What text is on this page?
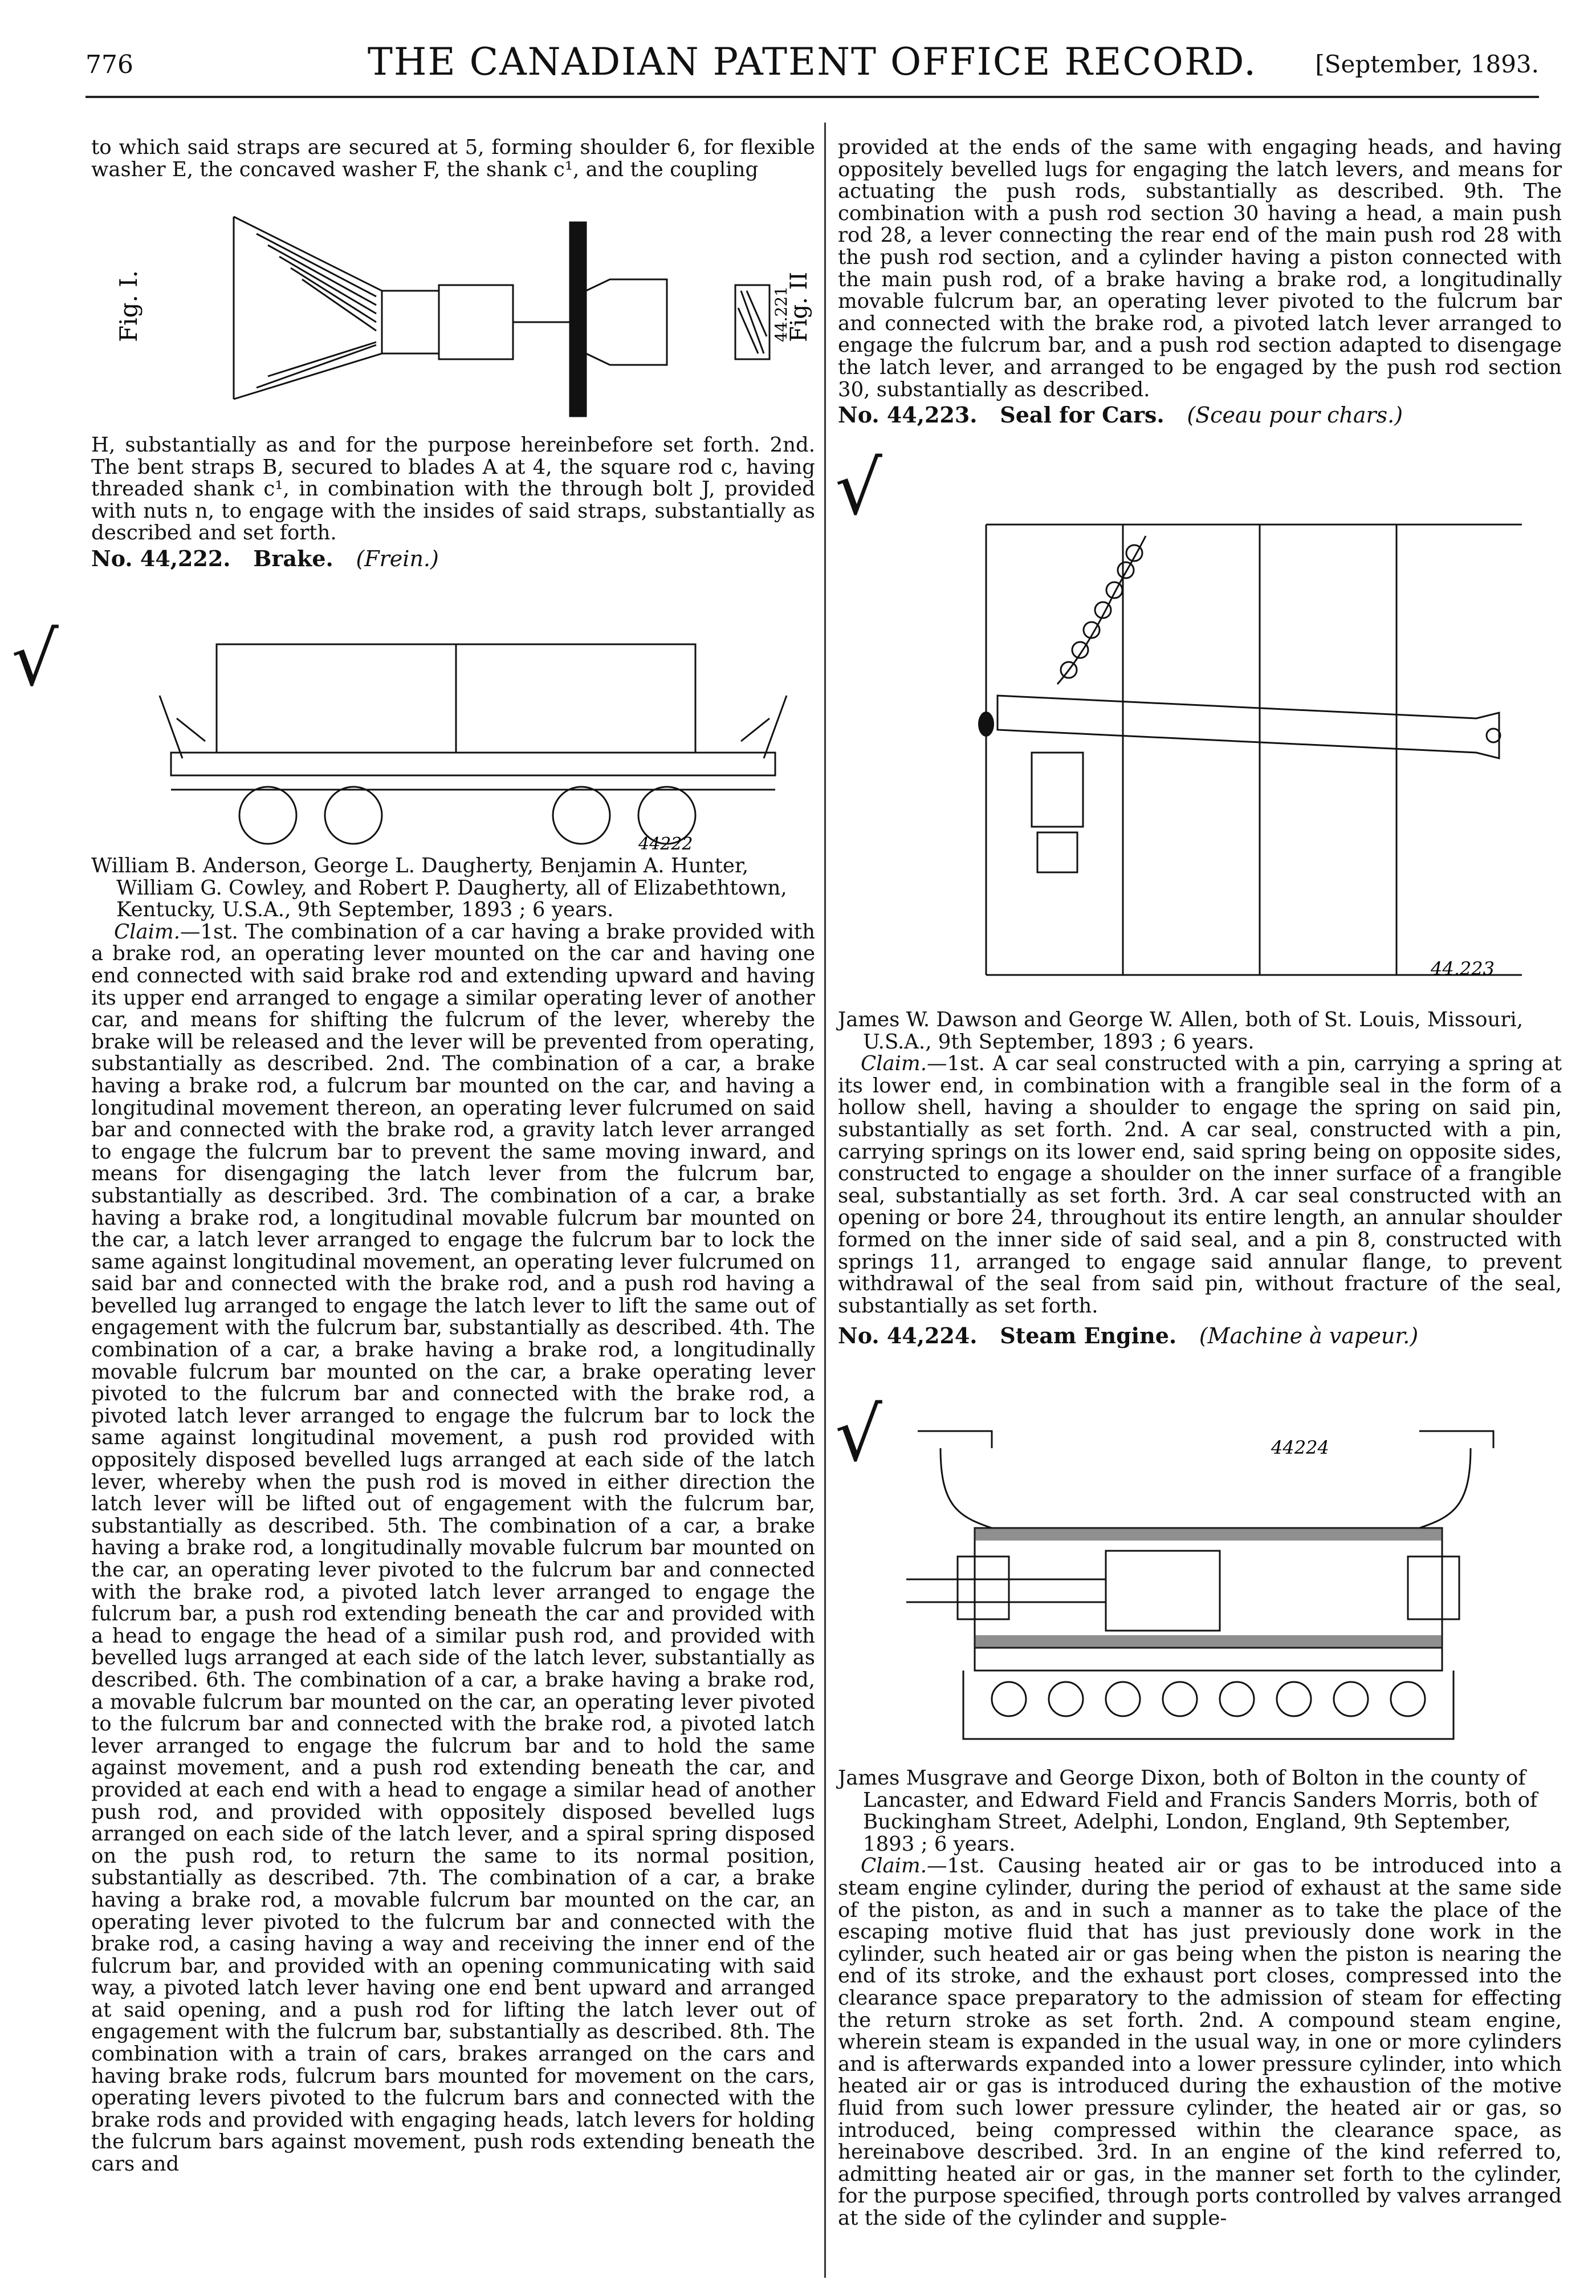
776	THE CANADIAN PATENT OFFICE RECORD.	[September, 1893.

to which said straps are secured at 5, forming shoulder 6, for flexible washer E, the concaved washer F, the shank c¹, and the coupling

Fig. I.	Fig. II
44.221

H, substantially as and for the purpose hereinbefore set forth. 2nd. The bent straps B, secured to blades A at 4, the square rod c, having threaded shank c¹, in combination with the through bolt J, provided with nuts n, to engage with the insides of said straps, substantially as described and set forth.

No. 44,222. Brake. (Frein.)

44222
√

William B. Anderson, George L. Daugherty, Benjamin A. Hunter, William G. Cowley, and Robert P. Daugherty, all of Elizabethtown, Kentucky, U.S.A., 9th September, 1893 ; 6 years.

Claim.—1st. The combination of a car having a brake provided with a brake rod, an operating lever mounted on the car and having one end connected with said brake rod and extending upward and having its upper end arranged to engage a similar operating lever of another car, and means for shifting the fulcrum of the lever, whereby the brake will be released and the lever will be prevented from operating, substantially as described. 2nd. The combination of a car, a brake having a brake rod, a fulcrum bar mounted on the car, and having a longitudinal movement thereon, an operating lever fulcrumed on said bar and connected with the brake rod, a gravity latch lever arranged to engage the fulcrum bar to prevent the same moving inward, and means for disengaging the latch lever from the fulcrum bar, substantially as described. 3rd. The combination of a car, a brake having a brake rod, a longitudinal movable fulcrum bar mounted on the car, a latch lever arranged to engage the fulcrum bar to lock the same against longitudinal movement, an operating lever fulcrumed on said bar and connected with the brake rod, and a push rod having a bevelled lug arranged to engage the latch lever to lift the same out of engagement with the fulcrum bar, substantially as described. 4th. The combination of a car, a brake having a brake rod, a longitudinally movable fulcrum bar mounted on the car, a brake operating lever pivoted to the fulcrum bar and connected with the brake rod, a pivoted latch lever arranged to engage the fulcrum bar to lock the same against longitudinal movement, a push rod provided with oppositely disposed bevelled lugs arranged at each side of the latch lever, whereby when the push rod is moved in either direction the latch lever will be lifted out of engagement with the fulcrum bar, substantially as described. 5th. The combination of a car, a brake having a brake rod, a longitudinally movable fulcrum bar mounted on the car, an operating lever pivoted to the fulcrum bar and connected with the brake rod, a pivoted latch lever arranged to engage the fulcrum bar, a push rod extending beneath the car and provided with a head to engage the head of a similar push rod, and provided with bevelled lugs arranged at each side of the latch lever, substantially as described. 6th. The combination of a car, a brake having a brake rod, a movable fulcrum bar mounted on the car, an operating lever pivoted to the fulcrum bar and connected with the brake rod, a pivoted latch lever arranged to engage the fulcrum bar and to hold the same against movement, and a push rod extending beneath the car, and provided at each end with a head to engage a similar head of another push rod, and provided with oppositely disposed bevelled lugs arranged on each side of the latch lever, and a spiral spring disposed on the push rod, to return the same to its normal position, substantially as described. 7th. The combination of a car, a brake having a brake rod, a movable fulcrum bar mounted on the car, an operating lever pivoted to the fulcrum bar and connected with the brake rod, a casing having a way and receiving the inner end of the fulcrum bar, and provided with an opening communicating with said way, a pivoted latch lever having one end bent upward and arranged at said opening, and a push rod for lifting the latch lever out of engagement with the fulcrum bar, substantially as described. 8th. The combination with a train of cars, brakes arranged on the cars and having brake rods, fulcrum bars mounted for movement on the cars, operating levers pivoted to the fulcrum bars and connected with the brake rods and provided with engaging heads, latch levers for holding the fulcrum bars against movement, push rods extending beneath the cars and

provided at the ends of the same with engaging heads, and having oppositely bevelled lugs for engaging the latch levers, and means for actuating the push rods, substantially as described. 9th. The combination with a push rod section 30 having a head, a main push rod 28, a lever connecting the rear end of the main push rod 28 with the push rod section, and a cylinder having a piston connected with the main push rod, of a brake having a brake rod, a longitudinally movable fulcrum bar, an operating lever pivoted to the fulcrum bar and connected with the brake rod, a pivoted latch lever arranged to engage the fulcrum bar, and a push rod section adapted to disengage the latch lever, and arranged to be engaged by the push rod section 30, substantially as described.

No. 44,223. Seal for Cars. (Sceau pour chars.)

√
44.223

James W. Dawson and George W. Allen, both of St. Louis, Missouri, U.S.A., 9th September, 1893 ; 6 years.

Claim.—1st. A car seal constructed with a pin, carrying a spring at its lower end, in combination with a frangible seal in the form of a hollow shell, having a shoulder to engage the spring on said pin, substantially as set forth. 2nd. A car seal, constructed with a pin, carrying springs on its lower end, said spring being on opposite sides, constructed to engage a shoulder on the inner surface of a frangible seal, substantially as set forth. 3rd. A car seal constructed with an opening or bore 24, throughout its entire length, an annular shoulder formed on the inner side of said seal, and a pin 8, constructed with springs 11, arranged to engage said annular flange, to prevent withdrawal of the seal from said pin, without fracture of the seal, substantially as set forth.

No. 44,224. Steam Engine. (Machine à vapeur.)

√	44224

James Musgrave and George Dixon, both of Bolton in the county of Lancaster, and Edward Field and Francis Sanders Morris, both of Buckingham Street, Adelphi, London, England, 9th September, 1893 ; 6 years.

Claim.—1st. Causing heated air or gas to be introduced into a steam engine cylinder, during the period of exhaust at the same side of the piston, as and in such a manner as to take the place of the escaping motive fluid that has just previously done work in the cylinder, such heated air or gas being when the piston is nearing the end of its stroke, and the exhaust port closes, compressed into the clearance space preparatory to the admission of steam for effecting the return stroke as set forth. 2nd. A compound steam engine, wherein steam is expanded in the usual way, in one or more cylinders and is afterwards expanded into a lower pressure cylinder, into which heated air or gas is introduced during the exhaustion of the motive fluid from such lower pressure cylinder, the heated air or gas, so introduced, being compressed within the clearance space, as hereinabove described. 3rd. In an engine of the kind referred to, admitting heated air or gas, in the manner set forth to the cylinder, for the purpose specified, through ports controlled by valves arranged at the side of the cylinder and supple-
